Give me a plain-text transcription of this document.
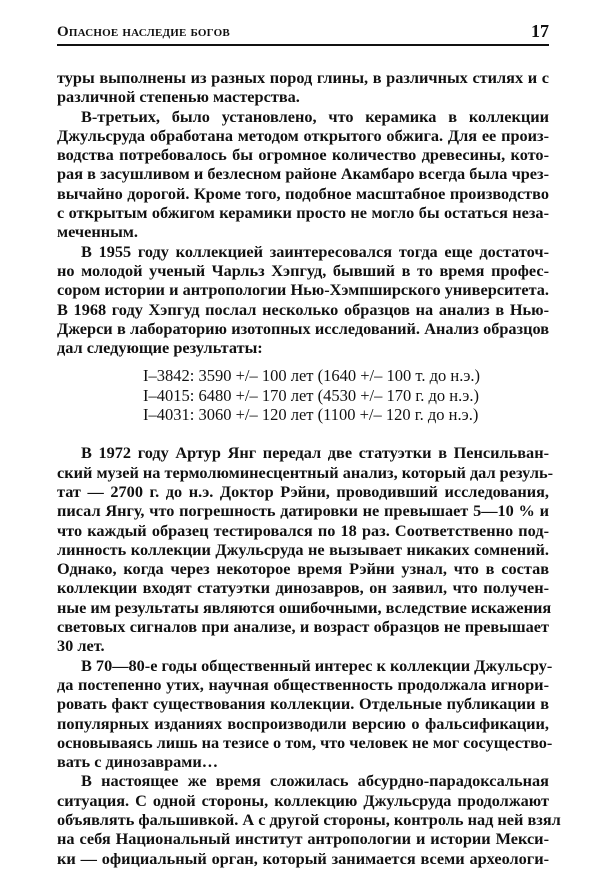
Опасное наследие богов	17
туры выполнены из разных пород глины, в различных стилях и с
различной степенью мастерства.
В-третьих, было установлено, что керамика в коллекции
Джульсруда обработана методом открытого обжига. Для ее произ-
водства потребовалось бы огромное количество древесины, кото-
рая в засушливом и безлесном районе Акамбаро всегда была чрез-
вычайно дорогой. Кроме того, подобное масштабное производство
с открытым обжигом керамики просто не могло бы остаться неза-
меченным.
В 1955 году коллекцией заинтересовался тогда еще достаточ-
но молодой ученый Чарльз Хэпгуд, бывший в то время профес-
сором истории и антропологии Нью-Хэмпширского университета.
В 1968 году Хэпгуд послал несколько образцов на анализ в Нью-
Джерси в лабораторию изотопных исследований. Анализ образцов
дал следующие результаты:
I–3842: 3590 +/– 100 лет (1640 +/– 100 т. до н.э.)
I–4015: 6480 +/– 170 лет (4530 +/– 170 г. до н.э.)
I–4031: 3060 +/– 120 лет (1100 +/– 120 г. до н.э.)
В 1972 году Артур Янг передал две статуэтки в Пенсильван-
ский музей на термолюминесцентный анализ, который дал резуль-
тат — 2700 г. до н.э. Доктор Рэйни, проводивший исследования,
писал Янгу, что погрешность датировки не превышает 5—10 % и
что каждый образец тестировался по 18 раз. Соответственно под-
линность коллекции Джульсруда не вызывает никаких сомнений.
Однако, когда через некоторое время Рэйни узнал, что в состав
коллекции входят статуэтки динозавров, он заявил, что получен-
ные им результаты являются ошибочными, вследствие искажения
световых сигналов при анализе, и возраст образцов не превышает
30 лет.
В 70—80-е годы общественный интерес к коллекции Джульсру-
да постепенно утих, научная общественность продолжала игнори-
ровать факт существования коллекции. Отдельные публикации в
популярных изданиях воспроизводили версию о фальсификации,
основываясь лишь на тезисе о том, что человек не мог сосущество-
вать с динозаврами…
В настоящее же время сложилась абсурдно-парадоксальная
ситуация. С одной стороны, коллекцию Джульсруда продолжают
объявлять фальшивкой. А с другой стороны, контроль над ней взял
на себя Национальный институт антропологии и истории Мекси-
ки — официальный орган, который занимается всеми археологи-
